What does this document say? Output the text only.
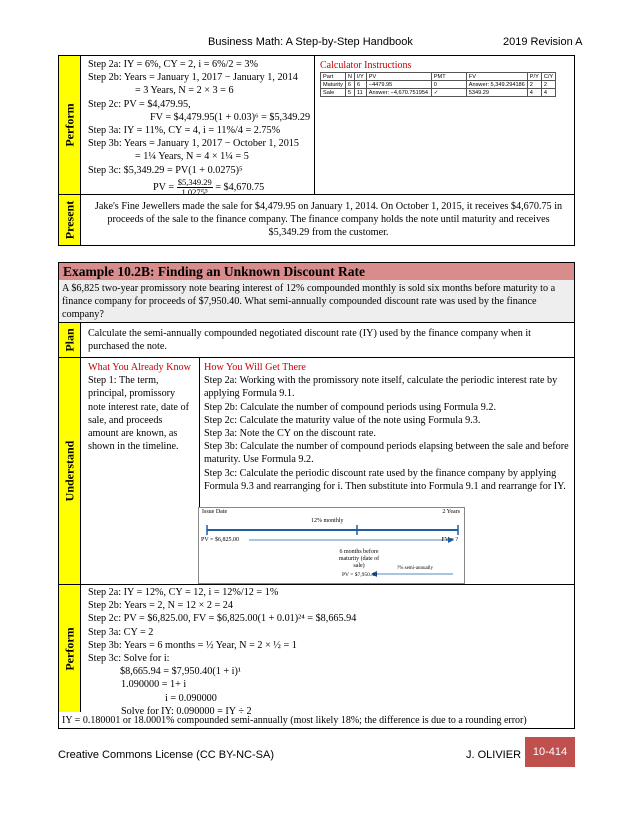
Business Math: A Step-by-Step Handbook	2019 Revision A
Perform
Step 2a: IY = 6%, CY = 2, i = 6%/2 = 3%
Step 2b: Years = January 1, 2017 − January 1, 2014
= 3 Years, N = 2 × 3 = 6
Step 2c: PV = $4,479.95,
FV = $4,479.95(1 + 0.03)⁶ = $5,349.29
Step 3a: IY = 11%, CY = 4, i = 11%/4 = 2.75%
Step 3b: Years = January 1, 2017 − October 1, 2015
= 1¼ Years, N = 4 × 1¼ = 5
Step 3c: $5,349.29 = PV(1 + 0.0275)⁵
PV = $\frac{\$5,349.29}{\text{1.0275⁵}}$ = $4,670.75
Calculator Instructions
Part	N	I/Y	PV	PMT	FV	P/Y	C/Y
Maturity	6	6	−4479.95	0	Answer: 5,349.294186	2	2
Sale	5	11	Answer: −4,670.751954	✓	5349.29	4	4
Present	Jake's Fine Jewellers made the sale for $4,479.95 on January 1, 2014. On October 1, 2015, it receives $4,670.75 in proceeds of the sale to the finance company. The finance company holds the note until maturity and receives $5,349.29 from the customer.
Example 10.2B: Finding an Unknown Discount Rate
A $6,825 two-year promissory note bearing interest of 12% compounded monthly is sold six months before maturity to a finance company for proceeds of $7,950.40. What semi-annually compounded discount rate was used by the finance company?
Plan Calculate the semi-annually compounded negotiated discount rate (IY) used by the finance company when it purchased the note.
Understand
What You Already Know
Step 1: The term, principal, promissory note interest rate, date of sale, and proceeds amount are known, as shown in the timeline.
How You Will Get There
Step 2a: Working with the promissory note itself, calculate the periodic interest rate by applying Formula 9.1.
Step 2b: Calculate the number of compound periods using Formula 9.2.
Step 2c: Calculate the maturity value of the note using Formula 9.3.
Step 3a: Note the CY on the discount rate.
Step 3b: Calculate the number of compound periods elapsing between the sale and before maturity. Use Formula 9.2.
Step 3c: Calculate the periodic discount rate used by the finance company by applying Formula 9.3 and rearranging for i. Then substitute into Formula 9.1 and rearrange for IY.
Issue Date	2 Years
12% monthly
PV = $6,825.00	FV = ?
6 months before maturity (date of sale)
PV = $7,950.40
?% semi-annually
Perform
Step 2a: IY = 12%, CY = 12, i = 12%/12 = 1%
Step 2b: Years = 2, N = 12 × 2 = 24
Step 2c: PV = $6,825.00, FV = $6,825.00(1 + 0.01)²⁴ = $8,665.94
Step 3a: CY = 2
Step 3b: Years = 6 months = ½ Year, N = 2 × ½ = 1
Step 3c: Solve for i:
$8,665.94 = $7,950.40(1 + i)¹
1.090000 = 1+ i
i = 0.090000
Solve for IY: 0.090000 = IY ÷ 2
IY = 0.180001 or 18.0001% compounded semi-annually (most likely 18%; the difference is due to a rounding error)
Creative Commons License (CC BY-NC-SA)	J. OLIVIER	10-414
